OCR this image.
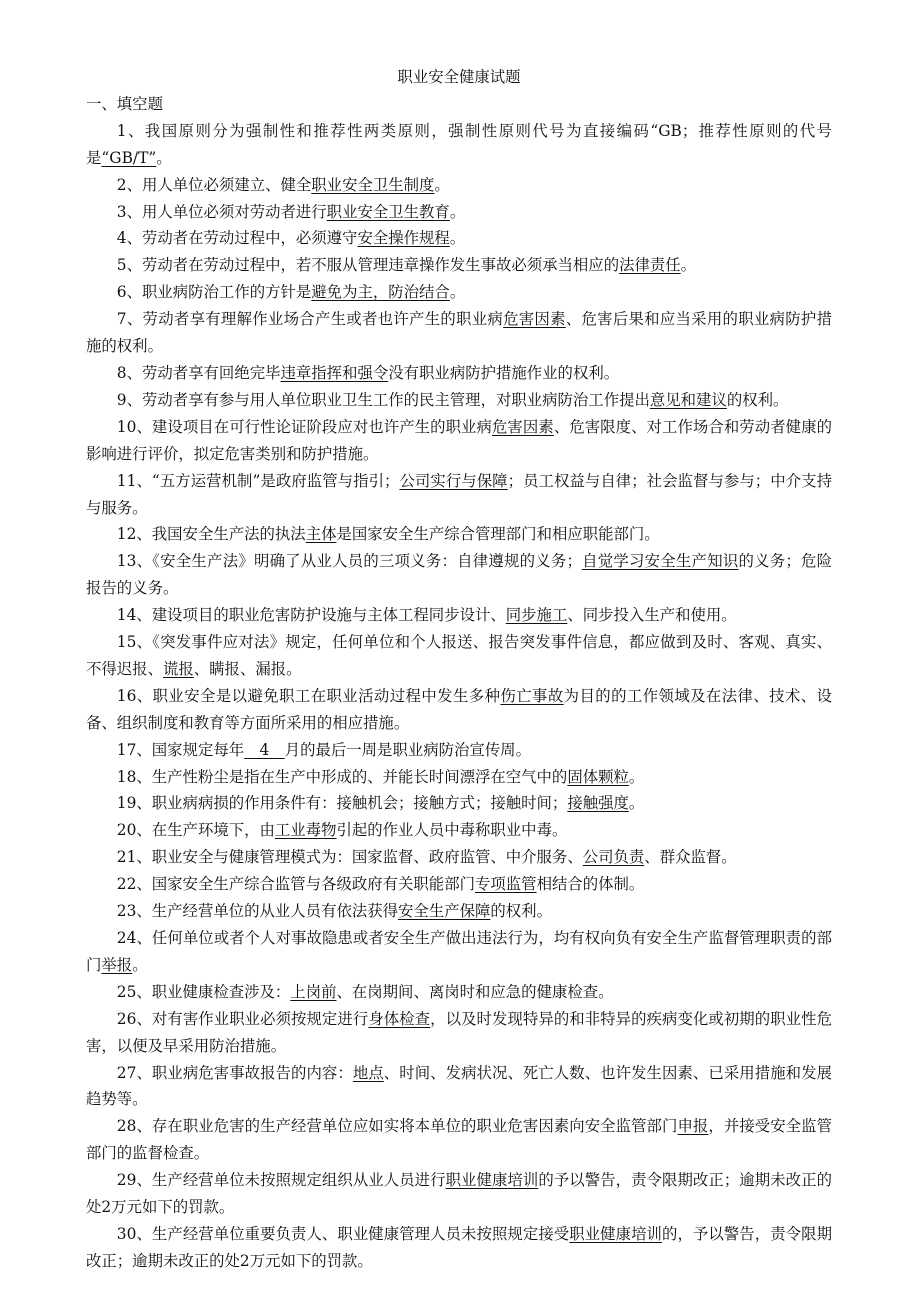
职业安全健康试题

一、填空题

1、我国原则分为强制性和推荐性两类原则，强制性原则代号为直接编码“GB；推荐性原则的代号是“GB/T”。

2、用人单位必须建立、健全职业安全卫生制度。

3、用人单位必须对劳动者进行职业安全卫生教育。

4、劳动者在劳动过程中，必须遵守安全操作规程。

5、劳动者在劳动过程中，若不服从管理违章操作发生事故必须承当相应的法律责任。

6、职业病防治工作的方针是避免为主，防治结合。

7、劳动者享有理解作业场合产生或者也许产生的职业病危害因素、危害后果和应当采用的职业病防护措施的权利。

8、劳动者享有回绝完毕违章指挥和强令没有职业病防护措施作业的权利。

9、劳动者享有参与用人单位职业卫生工作的民主管理，对职业病防治工作提出意见和建议的权利。

10、建设项目在可行性论证阶段应对也许产生的职业病危害因素、危害限度、对工作场合和劳动者健康的影响进行评价，拟定危害类别和防护措施。

11、“五方运营机制”是政府监管与指引；公司实行与保障；员工权益与自律；社会监督与参与；中介支持与服务。

12、我国安全生产法的执法主体是国家安全生产综合管理部门和相应职能部门。

13、《安全生产法》明确了从业人员的三项义务：自律遵规的义务；自觉学习安全生产知识的义务；危险报告的义务。

14、建设项目的职业危害防护设施与主体工程同步设计、同步施工、同步投入生产和使用。

15、《突发事件应对法》规定，任何单位和个人报送、报告突发事件信息，都应做到及时、客观、真实、不得迟报、谎报、瞒报、漏报。

16、职业安全是以避免职工在职业活动过程中发生多种伤亡事故为目的的工作领域及在法律、技术、设备、组织制度和教育等方面所采用的相应措施。

17、国家规定每年　4　月的最后一周是职业病防治宣传周。

18、生产性粉尘是指在生产中形成的、并能长时间漂浮在空气中的固体颗粒。

19、职业病病损的作用条件有：接触机会；接触方式；接触时间；接触强度。

20、在生产环境下，由工业毒物引起的作业人员中毒称职业中毒。

21、职业安全与健康管理模式为：国家监督、政府监管、中介服务、公司负责、群众监督。

22、国家安全生产综合监管与各级政府有关职能部门专项监管相结合的体制。

23、生产经营单位的从业人员有依法获得安全生产保障的权利。

24、任何单位或者个人对事故隐患或者安全生产做出违法行为，均有权向负有安全生产监督管理职责的部门举报。

25、职业健康检查涉及：上岗前、在岗期间、离岗时和应急的健康检查。

26、对有害作业职业必须按规定进行身体检查，以及时发现特异的和非特异的疾病变化或初期的职业性危害，以便及早采用防治措施。

27、职业病危害事故报告的内容：地点、时间、发病状况、死亡人数、也许发生因素、已采用措施和发展趋势等。

28、存在职业危害的生产经营单位应如实将本单位的职业危害因素向安全监管部门申报，并接受安全监管部门的监督检查。

29、生产经营单位未按照规定组织从业人员进行职业健康培训的予以警告，责令限期改正；逾期未改正的处2万元如下的罚款。

30、生产经营单位重要负责人、职业健康管理人员未按照规定接受职业健康培训的，予以警告，责令限期改正；逾期未改正的处2万元如下的罚款。
